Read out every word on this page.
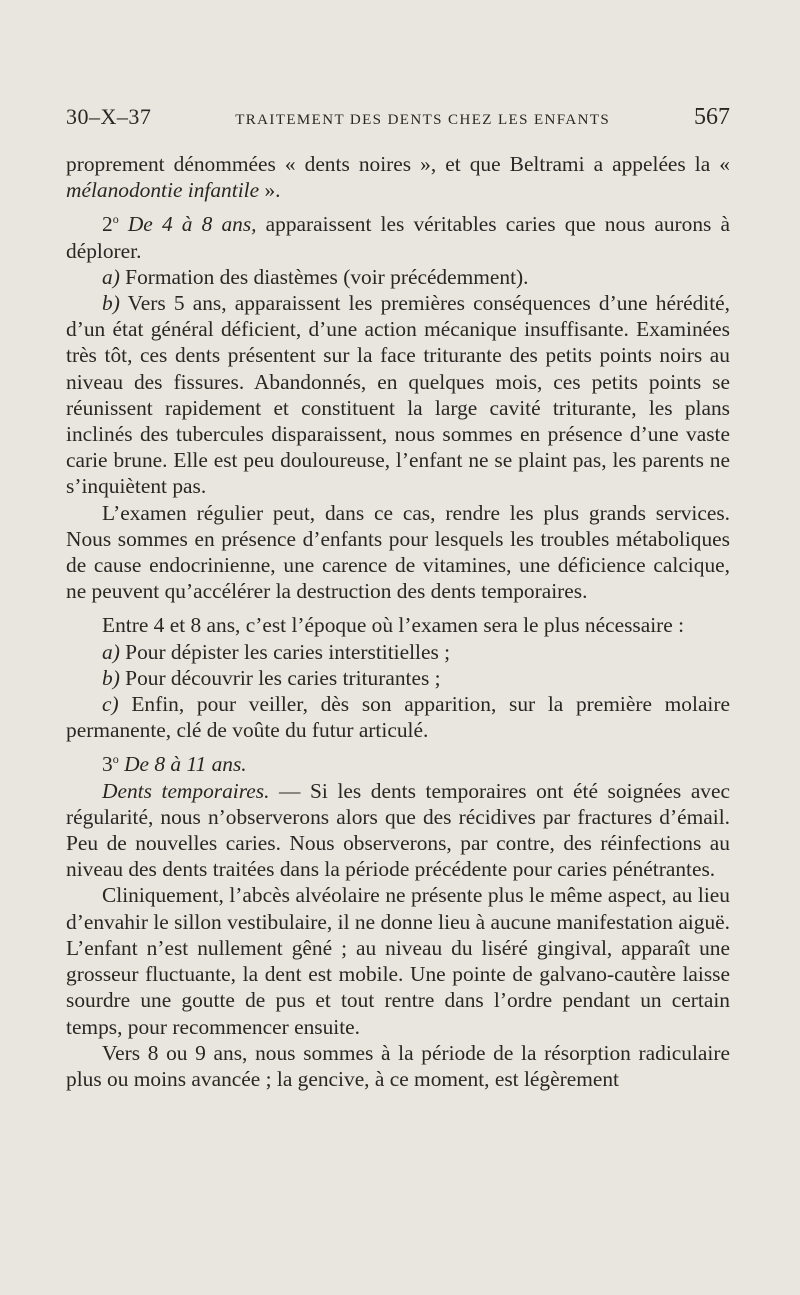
30–X–37	TRAITEMENT DES DENTS CHEZ LES ENFANTS	567

proprement dénommées « dents noires », et que Beltrami a appelées la « mélanodontie infantile ».

2$^o$ De 4 à 8 ans, apparaissent les véritables caries que nous aurons à déplorer.

a) Formation des diastèmes (voir précédemment).

b) Vers 5 ans, apparaissent les premières conséquences d’une hérédité, d’un état général déficient, d’une action mécanique insuffisante. Examinées très tôt, ces dents présentent sur la face triturante des petits points noirs au niveau des fissures. Abandonnés, en quelques mois, ces petits points se réunissent rapidement et constituent la large cavité triturante, les plans inclinés des tubercules disparaissent, nous sommes en présence d’une vaste carie brune. Elle est peu douloureuse, l’enfant ne se plaint pas, les parents ne s’inquiètent pas.

L’examen régulier peut, dans ce cas, rendre les plus grands services. Nous sommes en présence d’enfants pour lesquels les troubles métaboliques de cause endocrinienne, une carence de vitamines, une déficience calcique, ne peuvent qu’accélérer la destruction des dents temporaires.

Entre 4 et 8 ans, c’est l’époque où l’examen sera le plus nécessaire :

a) Pour dépister les caries interstitielles ;

b) Pour découvrir les caries triturantes ;

c) Enfin, pour veiller, dès son apparition, sur la première molaire permanente, clé de voûte du futur articulé.

3$^o$ De 8 à 11 ans.

Dents temporaires. — Si les dents temporaires ont été soignées avec régularité, nous n’observerons alors que des récidives par fractures d’émail. Peu de nouvelles caries. Nous observerons, par contre, des réinfections au niveau des dents traitées dans la période précédente pour caries pénétrantes.

Cliniquement, l’abcès alvéolaire ne présente plus le même aspect, au lieu d’envahir le sillon vestibulaire, il ne donne lieu à aucune manifestation aiguë. L’enfant n’est nullement gêné ; au niveau du liséré gingival, apparaît une grosseur fluctuante, la dent est mobile. Une pointe de galvano-cautère laisse sourdre une goutte de pus et tout rentre dans l’ordre pendant un certain temps, pour recommencer ensuite.

Vers 8 ou 9 ans, nous sommes à la période de la résorption radiculaire plus ou moins avancée ; la gencive, à ce moment, est légèrement
